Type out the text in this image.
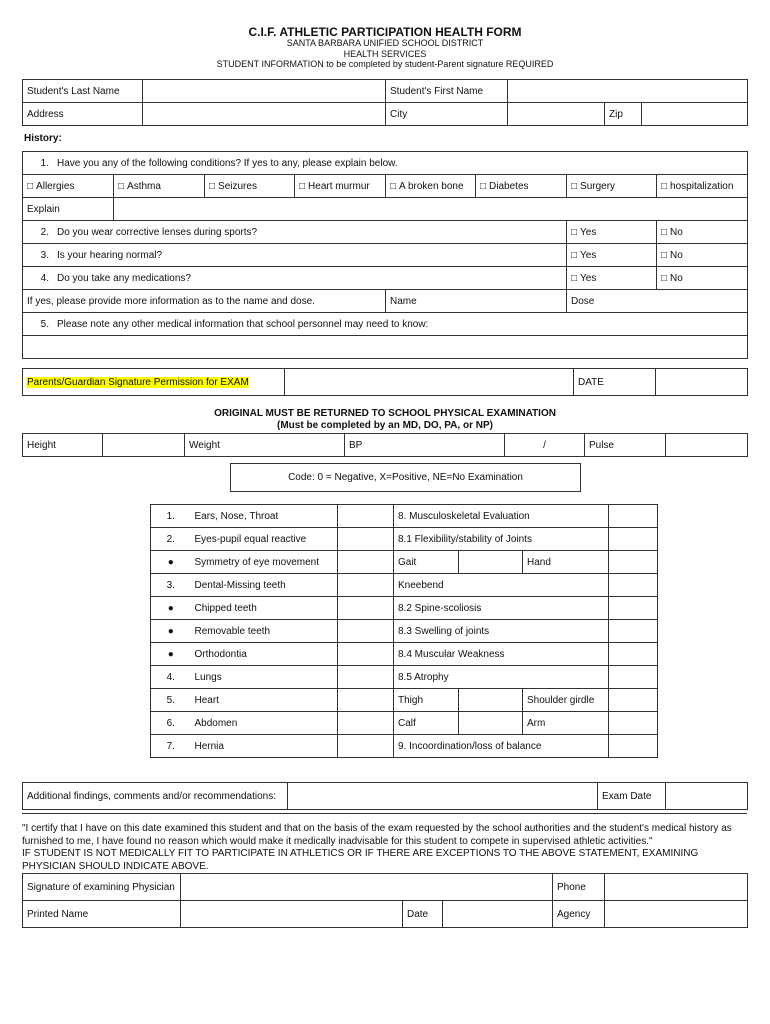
C.I.F. ATHLETIC PARTICIPATION HEALTH FORM
SANTA BARBARA UNIFIED SCHOOL DISTRICT
HEALTH SERVICES
STUDENT INFORMATION to be completed by student-Parent signature REQUIRED
Student's Last Name		Student's First Name			
Address		City		Zip	
History:
1. Have you any of the following conditions? If yes to any, please explain below.							
□ Allergies	□ Asthma	□ Seizures	□ Heart murmur	□ A broken bone	□ Diabetes	□ Surgery	□ hospitalization
Explain							
2. Do you wear corrective lenses during sports?						□ Yes	□ No
3. Is your hearing normal?						□ Yes	□ No
4. Do you take any medications?						□ Yes	□ No
If yes, please provide more information as to the name and dose.				Name		Dose	
5. Please note any other medical information that school personnel may need to know:							

Parents/Guardian Signature Permission for EXAM		DATE	
ORIGINAL MUST BE RETURNED TO SCHOOL PHYSICAL EXAMINATION
(Must be completed by an MD, DO, PA, or NP)
Height		Weight	BP	/	Pulse	
Code: 0 = Negative, X=Positive, NE=No Examination
1.	Ears, Nose, Throat		8. Musculoskeletal Evaluation			
2.	Eyes-pupil equal reactive		8.1 Flexibility/stability of Joints			
●	Symmetry of eye movement		Gait		Hand	
3.	Dental-Missing teeth		Kneebend			
●	Chipped teeth		8.2 Spine-scoliosis			
●	Removable teeth		8.3 Swelling of joints			
●	Orthodontia		8.4 Muscular Weakness			
4.	Lungs		8.5 Atrophy			
5.	Heart		Thigh		Shoulder girdle	
6.	Abdomen		Calf		Arm	
7.	Hernia		9. Incoordination/loss of balance			
Additional findings, comments and/or recommendations:		Exam Date	
"I certify that I have on this date examined this student and that on the basis of the exam requested by the school authorities and the student's medical history as
furnished to me, I have found no reason which would make it medically inadvisable for this student to compete in supervised athletic activities."
IF STUDENT IS NOT MEDICALLY FIT TO PARTICIPATE IN ATHLETICS OR IF THERE ARE EXCEPTIONS TO THE ABOVE STATEMENT, EXAMINING
PHYSICIAN SHOULD INDICATE ABOVE.
Signature of examining Physician				Phone	
Printed Name		Date		Agency	
